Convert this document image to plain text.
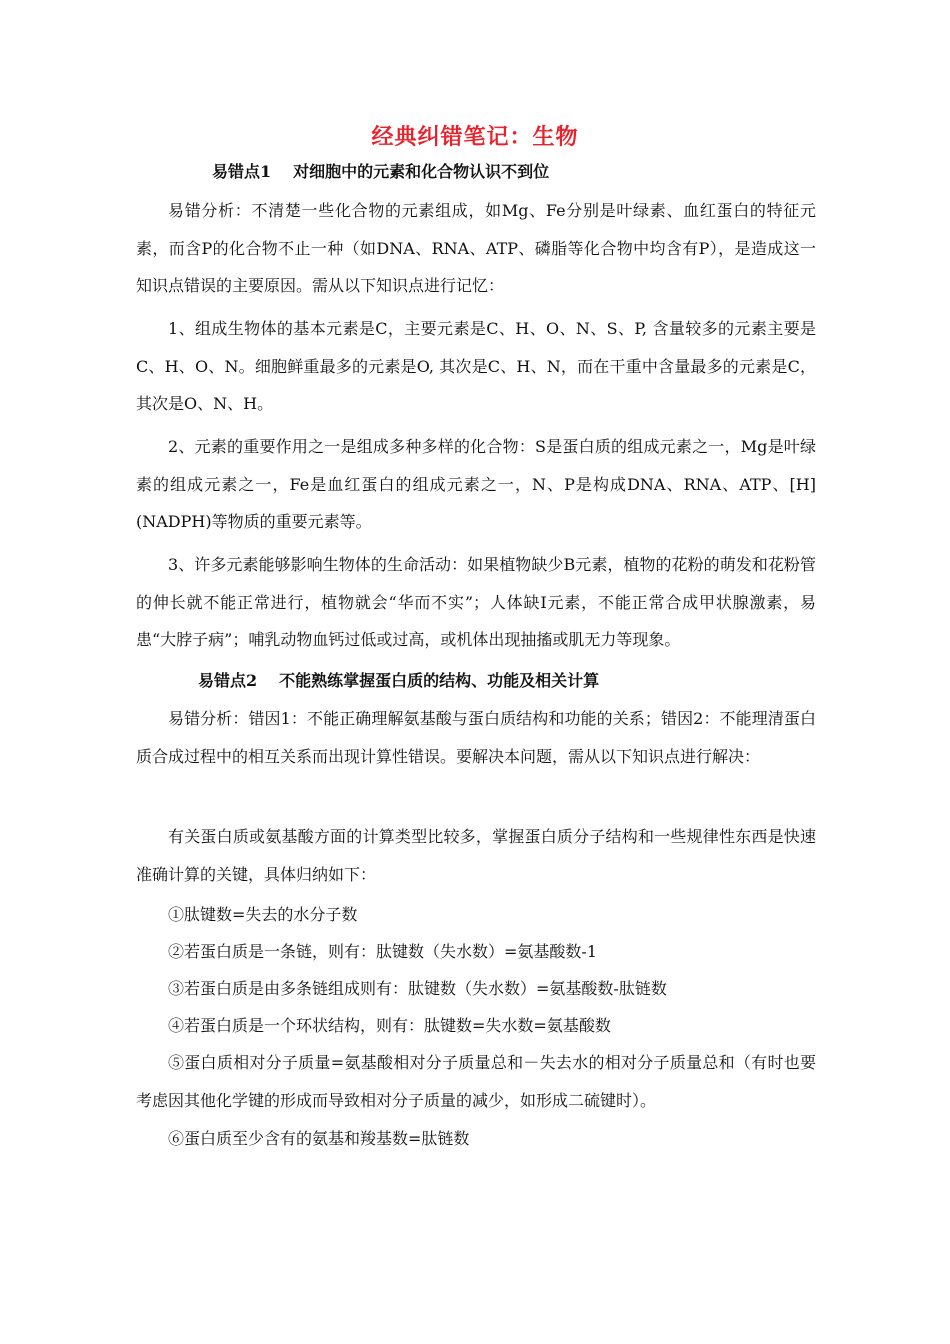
经典纠错笔记：生物
易错点1 对细胞中的元素和化合物认识不到位

易错分析：不清楚一些化合物的元素组成，如Mg、Fe分别是叶绿素、血红蛋白的特征元素，而含P的化合物不止一种（如DNA、RNA、ATP、磷脂等化合物中均含有P），是造成这一知识点错误的主要原因。需从以下知识点进行记忆：

1、组成生物体的基本元素是C，主要元素是C、H、O、N、S、P, 含量较多的元素主要是C、H、O、N。细胞鲜重最多的元素是O, 其次是C、H、N，而在干重中含量最多的元素是C，其次是O、N、H。

2、元素的重要作用之一是组成多种多样的化合物：S是蛋白质的组成元素之一，Mg是叶绿素的组成元素之一，Fe是血红蛋白的组成元素之一，N、P是构成DNA、RNA、ATP、[H](NADPH)等物质的重要元素等。

3、许多元素能够影响生物体的生命活动：如果植物缺少B元素，植物的花粉的萌发和花粉管的伸长就不能正常进行，植物就会“华而不实”；人体缺I元素，不能正常合成甲状腺激素，易患“大脖子病”；哺乳动物血钙过低或过高，或机体出现抽搐或肌无力等现象。

易错点2 不能熟练掌握蛋白质的结构、功能及相关计算

易错分析：错因1：不能正确理解氨基酸与蛋白质结构和功能的关系；错因2：不能理清蛋白质合成过程中的相互关系而出现计算性错误。要解决本问题，需从以下知识点进行解决：

有关蛋白质或氨基酸方面的计算类型比较多，掌握蛋白质分子结构和一些规律性东西是快速准确计算的关键，具体归纳如下：

①肽键数=失去的水分子数

②若蛋白质是一条链，则有：肽键数（失水数）=氨基酸数-1

③若蛋白质是由多条链组成则有：肽键数（失水数）=氨基酸数-肽链数

④若蛋白质是一个环状结构，则有：肽键数=失水数=氨基酸数

⑤蛋白质相对分子质量=氨基酸相对分子质量总和－失去水的相对分子质量总和（有时也要考虑因其他化学键的形成而导致相对分子质量的减少，如形成二硫键时）。

⑥蛋白质至少含有的氨基和羧基数=肽链数
